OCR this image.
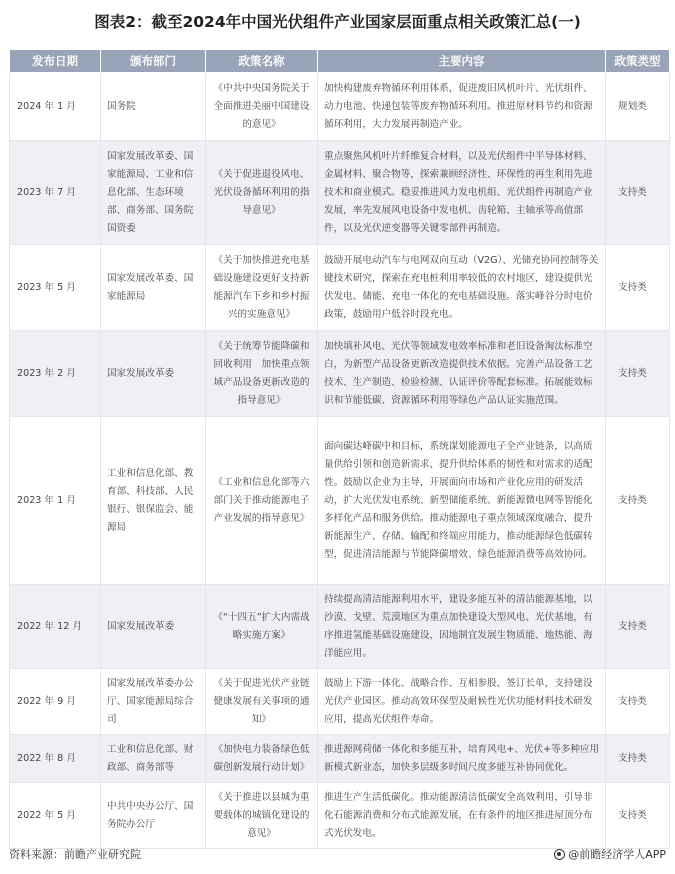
图表2：截至2024年中国光伏组件产业国家层面重点相关政策汇总(一)
发布日期	颁布部门	政策名称	主要内容	政策类型
2024 年 1 月	国务院	《中共中央国务院关于全面推进美丽中国建设的意见》	加快构建废弃物循环利用体系，促进废旧风机叶片、光伏组件、动力电池、快递包装等废弃物循环利用。推进原材料节约和资源循环利用，大力发展再制造产业。	规划类
2023 年 7 月	国家发展改革委、国家能源局、工业和信息化部、生态环境部、商务部、国务院国资委	《关于促进退役风电、光伏设备循环利用的指导意见》	重点聚焦风机叶片纤维复合材料，以及光伏组件中半导体材料、金属材料、聚合物等，探索兼顾经济性、环保性的再生利用先进技术和商业模式。稳妥推进风力发电机组、光伏组件再制造产业发展，率先发展风电设备中发电机、齿轮箱、主轴承等高值部件，以及光伏逆变器等关键零部件再制造。	支持类
2023 年 5 月	国家发展改革委、国家能源局	《关于加快推进充电基础设施建设更好支持新能源汽车下乡和乡村振兴的实施意见》	鼓励开展电动汽车与电网双向互动（V2G）、光储充协同控制等关键技术研究，探索在充电桩利用率较低的农村地区，建设提供光伏发电、储能、充电一体化的充电基础设施。落实峰谷分时电价政策，鼓励用户低谷时段充电。	支持类
2023 年 2 月	国家发展改革委	《关于统筹节能降碳和回收利用　加快重点领域产品设备更新改造的指导意见》	加快填补风电、光伏等领域发电效率标准和老旧设备淘汰标准空白，为新型产品设备更新改造提供技术依据。完善产品设备工艺技术、生产制造、检验检测、认证评价等配套标准。拓展能效标识和节能低碳、资源循环利用等绿色产品认证实施范围。	支持类
2023 年 1 月	工业和信息化部、教育部、科技部、人民银行、银保监会、能源局	《工业和信息化部等六部门关于推动能源电子产业发展的指导意见》	面向碳达峰碳中和目标，系统谋划能源电子全产业链条，以高质量供给引领和创造新需求，提升供给体系的韧性和对需求的适配性。鼓励以企业为主导，开展面向市场和产业化应用的研发活动，扩大光伏发电系统、新型储能系统、新能源微电网等智能化多样化产品和服务供给。推动能源电子重点领域深度融合，提升新能源生产、存储、输配和终端应用能力，推动能源绿色低碳转型，促进清洁能源与节能降碳增效、绿色能源消费等高效协同。	支持类
2022 年 12 月	国家发展改革委	《“十四五”扩大内需战略实施方案》	持续提高清洁能源利用水平，建设多能互补的清洁能源基地，以沙漠、戈壁、荒漠地区为重点加快建设大型风电、光伏基地，有序推进氢能基础设施建设，因地制宜发展生物质能、地热能、海洋能应用。	支持类
2022 年 9 月	国家发展改革委办公厅、国家能源局综合司	《关于促进光伏产业链健康发展有关事项的通知》	鼓励上下游一体化、战略合作、互相参股、签订长单，支持建设光伏产业园区。推动高效环保型及耐候性光伏功能材料技术研发应用，提高光伏组件寿命。	支持类
2022 年 8 月	工业和信息化部、财政部、商务部等	《加快电力装备绿色低碳创新发展行动计划》	推进源网荷储一体化和多能互补，培育风电+、光伏+等多种应用新模式新业态，加快多层级多时间尺度多能互补协同优化。	支持类
2022 年 5 月	中共中央办公厅、国务院办公厅	《关于推进以县城为重要载体的城镇化建设的意见》	推进生产生活低碳化。推动能源清洁低碳安全高效利用，引导非化石能源消费和分布式能源发展，在有条件的地区推进屋顶分布式光伏发电。	支持类
资料来源：前瞻产业研究院	@前瞻经济学人APP
